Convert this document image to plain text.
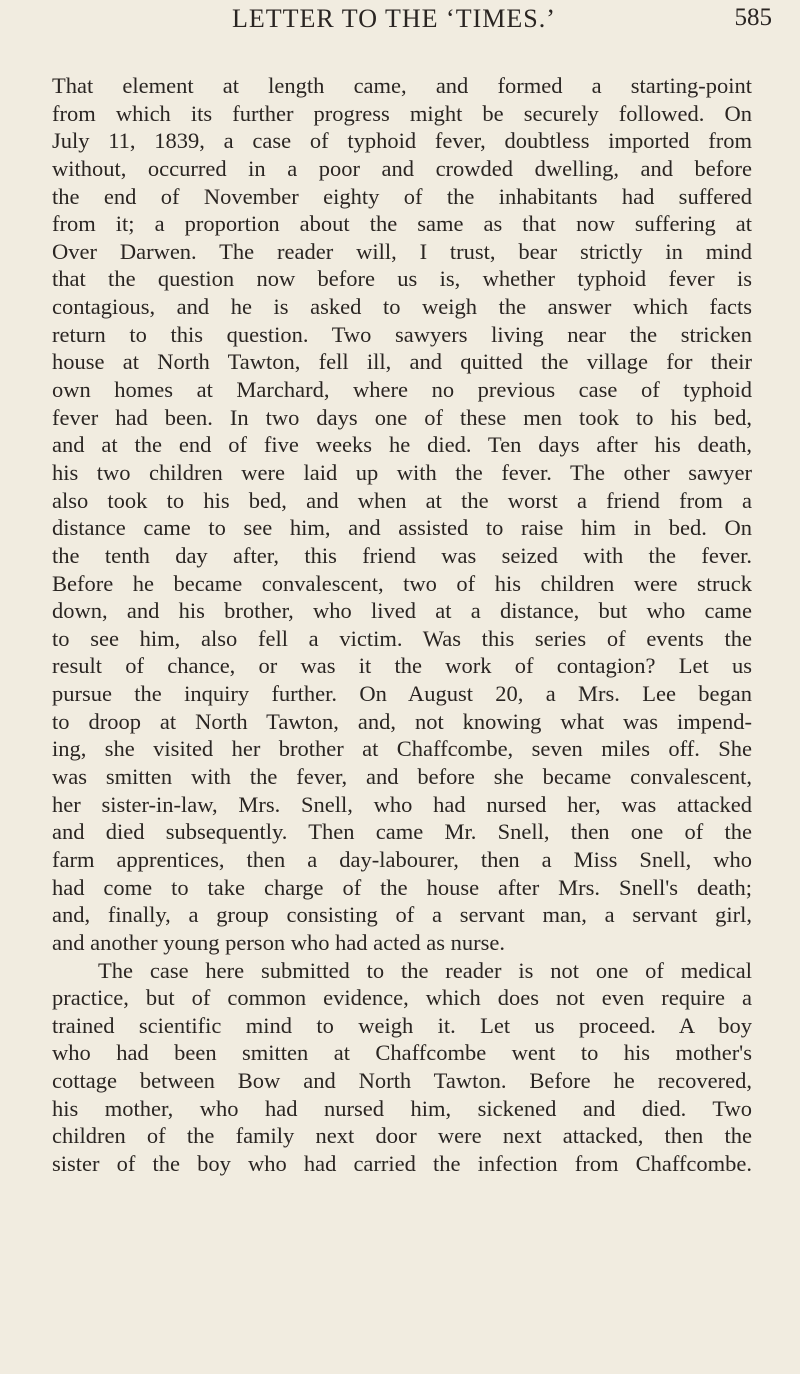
LETTER TO THE ‘TIMES.’	585
That element at length came, and formed a starting-point
from which its further progress might be securely followed. On
July 11, 1839, a case of typhoid fever, doubtless imported from
without, occurred in a poor and crowded dwelling, and before
the end of November eighty of the inhabitants had suffered
from it; a proportion about the same as that now suffering at
Over Darwen. The reader will, I trust, bear strictly in mind
that the question now before us is, whether typhoid fever is
contagious, and he is asked to weigh the answer which facts
return to this question. Two sawyers living near the stricken
house at North Tawton, fell ill, and quitted the village for their
own homes at Marchard, where no previous case of typhoid
fever had been. In two days one of these men took to his bed,
and at the end of five weeks he died. Ten days after his death,
his two children were laid up with the fever. The other sawyer
also took to his bed, and when at the worst a friend from a
distance came to see him, and assisted to raise him in bed. On
the tenth day after, this friend was seized with the fever.
Before he became convalescent, two of his children were struck
down, and his brother, who lived at a distance, but who came
to see him, also fell a victim. Was this series of events the
result of chance, or was it the work of contagion? Let us
pursue the inquiry further. On August 20, a Mrs. Lee began
to droop at North Tawton, and, not knowing what was impend-
ing, she visited her brother at Chaffcombe, seven miles off. She
was smitten with the fever, and before she became convalescent,
her sister-in-law, Mrs. Snell, who had nursed her, was attacked
and died subsequently. Then came Mr. Snell, then one of the
farm apprentices, then a day-labourer, then a Miss Snell, who
had come to take charge of the house after Mrs. Snell's death;
and, finally, a group consisting of a servant man, a servant girl,
and another young person who had acted as nurse.
The case here submitted to the reader is not one of medical
practice, but of common evidence, which does not even require a
trained scientific mind to weigh it. Let us proceed. A boy
who had been smitten at Chaffcombe went to his mother's
cottage between Bow and North Tawton. Before he recovered,
his mother, who had nursed him, sickened and died. Two
children of the family next door were next attacked, then the
sister of the boy who had carried the infection from Chaffcombe.
